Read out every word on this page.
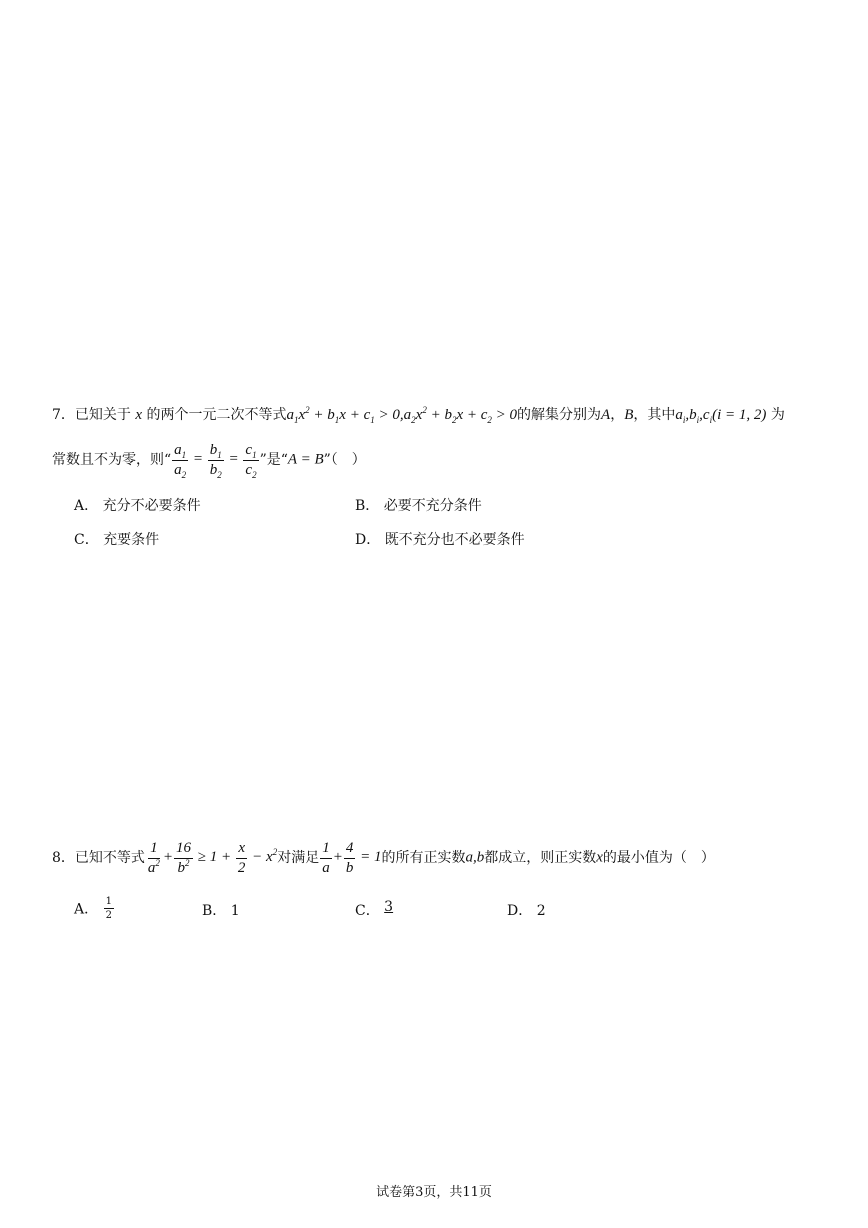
7．已知关于 x 的两个一元二次不等式$a_1x^2 + b_1x + c_1 > 0,a_2x^2 + b_2x + c_2 > 0$的解集分别为A，B，其中$a_i,b_i,c_i(i = 1$, 2) 为
常数且不为零，则“ $\frac{a_1}{a_2} = \frac{b_1}{b_2} = \frac{c_1}{c_2}$ ”是“A = B”（　）
A． 充分不必要条件	B． 必要不充分条件
C． 充要条件	D． 既不充分也不必要条件
8．已知不等式 $\frac{1}{a^2} + \frac{16}{b^2} \ge 1 + \frac{x}{2} - x^2$对满足 $\frac{1}{a} + \frac{4}{b} = 1$的所有正实数a,b都成立，则正实数x的最小值为（　）
A． $\frac{1}{2}$	B． 1	C． 3	D． 2
试卷第3页，共11页
